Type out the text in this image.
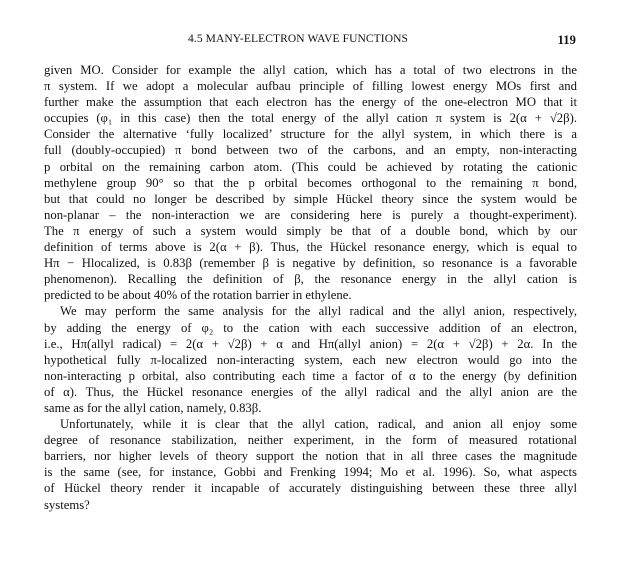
4.5 MANY-ELECTRON WAVE FUNCTIONS	119
given MO. Consider for example the allyl cation, which has a total of two electrons in the
π system. If we adopt a molecular aufbau principle of filling lowest energy MOs first and
further make the assumption that each electron has the energy of the one-electron MO that it
occupies (φ₁ in this case) then the total energy of the allyl cation π system is 2(α + √2β).
Consider the alternative ‘fully localized’ structure for the allyl system, in which there is a
full (doubly-occupied) π bond between two of the carbons, and an empty, non-interacting
p orbital on the remaining carbon atom. (This could be achieved by rotating the cationic
methylene group 90° so that the p orbital becomes orthogonal to the remaining π bond,
but that could no longer be described by simple Hückel theory since the system would be
non-planar – the non-interaction we are considering here is purely a thought-experiment).
The π energy of such a system would simply be that of a double bond, which by our
definition of terms above is 2(α + β). Thus, the Hückel resonance energy, which is equal to
Hπ − Hlocalized, is 0.83β (remember β is negative by definition, so resonance is a favorable
phenomenon). Recalling the definition of β, the resonance energy in the allyl cation is
predicted to be about 40% of the rotation barrier in ethylene.
We may perform the same analysis for the allyl radical and the allyl anion, respectively,
by adding the energy of φ₂ to the cation with each successive addition of an electron,
i.e., Hπ(allyl radical) = 2(α + √2β) + α and Hπ(allyl anion) = 2(α + √2β) + 2α. In the
hypothetical fully π-localized non-interacting system, each new electron would go into the
non-interacting p orbital, also contributing each time a factor of α to the energy (by definition
of α). Thus, the Hückel resonance energies of the allyl radical and the allyl anion are the
same as for the allyl cation, namely, 0.83β.
Unfortunately, while it is clear that the allyl cation, radical, and anion all enjoy some
degree of resonance stabilization, neither experiment, in the form of measured rotational
barriers, nor higher levels of theory support the notion that in all three cases the magnitude
is the same (see, for instance, Gobbi and Frenking 1994; Mo et al. 1996). So, what aspects
of Hückel theory render it incapable of accurately distinguishing between these three allyl
systems?
